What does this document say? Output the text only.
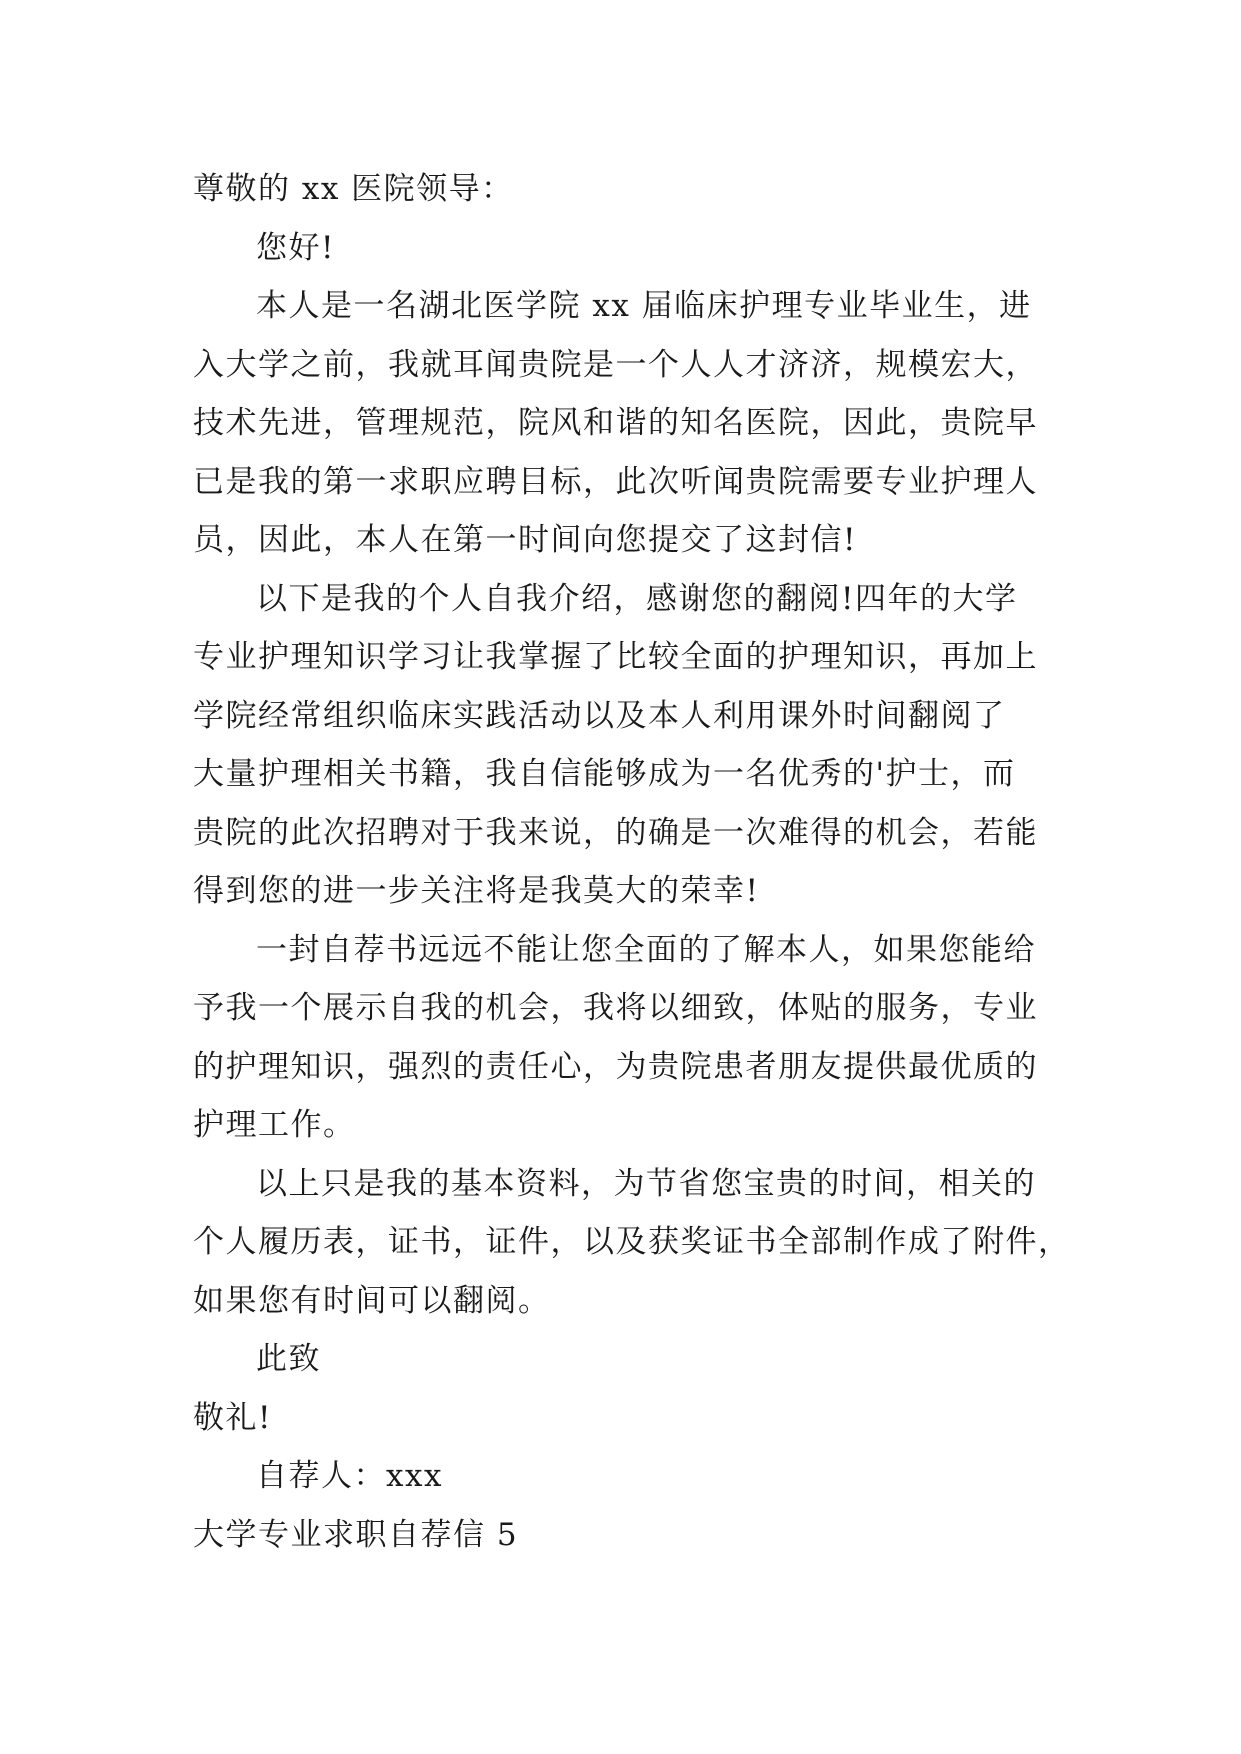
尊敬的 xx 医院领导：
您好!
本人是一名湖北医学院 xx 届临床护理专业毕业生，进
入大学之前，我就耳闻贵院是一个人人才济济，规模宏大，
技术先进，管理规范，院风和谐的知名医院，因此，贵院早
已是我的第一求职应聘目标，此次听闻贵院需要专业护理人
员，因此，本人在第一时间向您提交了这封信!
以下是我的个人自我介绍，感谢您的翻阅!四年的大学
专业护理知识学习让我掌握了比较全面的护理知识，再加上
学院经常组织临床实践活动以及本人利用课外时间翻阅了
大量护理相关书籍，我自信能够成为一名优秀的'护士，而
贵院的此次招聘对于我来说，的确是一次难得的机会，若能
得到您的进一步关注将是我莫大的荣幸!
一封自荐书远远不能让您全面的了解本人，如果您能给
予我一个展示自我的机会，我将以细致，体贴的服务，专业
的护理知识，强烈的责任心，为贵院患者朋友提供最优质的
护理工作。
以上只是我的基本资料，为节省您宝贵的时间，相关的
个人履历表，证书，证件，以及获奖证书全部制作成了附件，
如果您有时间可以翻阅。
此致
敬礼!
自荐人：xxx
大学专业求职自荐信 5
